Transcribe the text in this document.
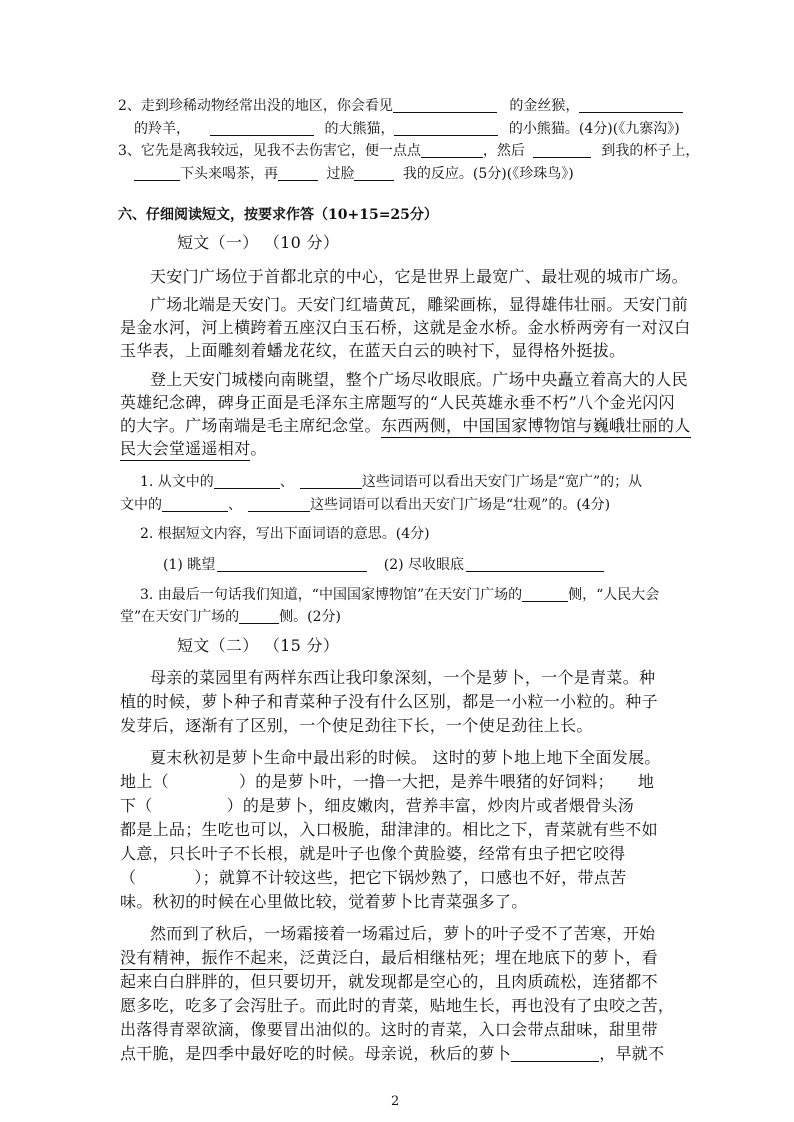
2、走到珍稀动物经常出没的地区，你会看见	的金丝猴，
的羚羊，	的大熊猫，	的小熊猫。(4分)(《九寨沟》)
3、它先是离我较远，见我不去伤害它，便一点点	，然后	到我的杯子上，
下头来喝茶，再	过脸	我的反应。(5分)(《珍珠鸟》)
六、仔细阅读短文，按要求作答（10+15=25分）
短文（一） （10 分）
天安门广场位于首都北京的中心，它是世界上最宽广、最壮观的城市广场。
广场北端是天安门。天安门红墙黄瓦，雕梁画栋，显得雄伟壮丽。天安门前
是金水河，河上横跨着五座汉白玉石桥，这就是金水桥。金水桥两旁有一对汉白
玉华表，上面雕刻着蟠龙花纹，在蓝天白云的映衬下，显得格外挺拔。
登上天安门城楼向南眺望，整个广场尽收眼底。广场中央矗立着高大的人民
英雄纪念碑，碑身正面是毛泽东主席题写的“人民英雄永垂不朽”八个金光闪闪
的大字。广场南端是毛主席纪念堂。东西两侧，中国国家博物馆与巍峨壮丽的人
民大会堂遥遥相对。
1. 从文中的	、	这些词语可以看出天安门广场是“宽广”的；从
文中的	、	这些词语可以看出天安门广场是“壮观”的。(4分)
2. 根据短文内容，写出下面词语的意思。(4分)
(1) 眺望	(2) 尽收眼底
3. 由最后一句话我们知道，“中国国家博物馆”在天安门广场的	侧，“人民大会
堂”在天安门广场的	侧。(2分)
短文（二） （15 分）
母亲的菜园里有两样东西让我印象深刻，一个是萝卜，一个是青菜。种
植的时候，萝卜种子和青菜种子没有什么区别，都是一小粒一小粒的。种子
发芽后，逐渐有了区别，一个使足劲往下长，一个使足劲往上长。
夏末秋初是萝卜生命中最出彩的时候。 这时的萝卜地上地下全面发展。
地上（	）的是萝卜叶，一撸一大把，是养牛喂猪的好饲料； 地
下（	）的是萝卜，细皮嫩肉，营养丰富，炒肉片或者煨骨头汤
都是上品；生吃也可以，入口极脆，甜津津的。相比之下，青菜就有些不如
人意，只长叶子不长根，就是叶子也像个黄脸婆，经常有虫子把它咬得
（	）；就算不计较这些，把它下锅炒熟了，口感也不好，带点苦
味。秋初的时候在心里做比较，觉着萝卜比青菜强多了。
然而到了秋后，一场霜接着一场霜过后，萝卜的叶子受不了苦寒，开始
没有精神，振作不起来，泛黄泛白，最后相继枯死；埋在地底下的萝卜，看
起来白白胖胖的，但只要切开，就发现都是空心的，且肉质疏松，连猪都不
愿多吃，吃多了会泻肚子。而此时的青菜，贴地生长，再也没有了虫咬之苦，
出落得青翠欲滴，像要冒出油似的。这时的青菜，入口会带点甜味，甜里带
点干脆，是四季中最好吃的时候。母亲说，秋后的萝卜	，早就不
2
